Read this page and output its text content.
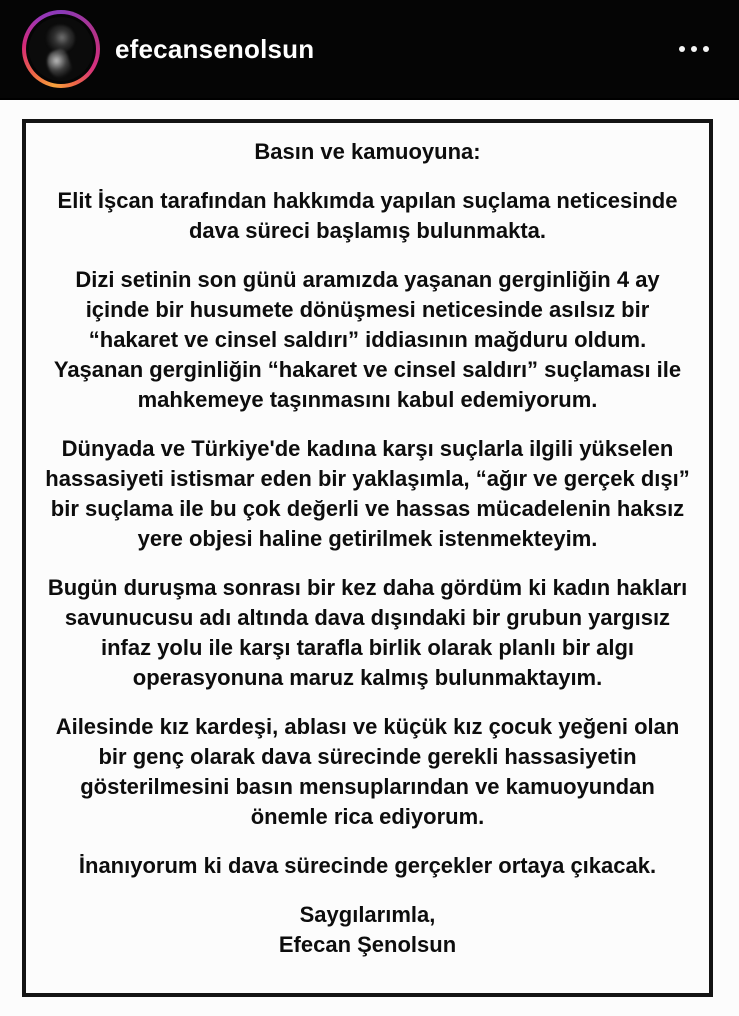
efecansenolsun
Basın ve kamuoyuna:

Elit İşcan tarafından hakkımda yapılan suçlama neticesinde dava süreci başlamış bulunmakta.

Dizi setinin son günü aramızda yaşanan gerginliğin 4 ay içinde bir husumete dönüşmesi neticesinde asılsız bir “hakaret ve cinsel saldırı” iddiasının mağduru oldum. Yaşanan gerginliğin “hakaret ve cinsel saldırı” suçlaması ile mahkemeye taşınmasını kabul edemiyorum.

Dünyada ve Türkiye'de kadına karşı suçlarla ilgili yükselen hassasiyeti istismar eden bir yaklaşımla, “ağır ve gerçek dışı” bir suçlama ile bu çok değerli ve hassas mücadelenin haksız yere objesi haline getirilmek istenmekteyim.

Bugün duruşma sonrası bir kez daha gördüm ki kadın hakları savunucusu adı altında dava dışındaki bir grubun yargısız infaz yolu ile karşı tarafla birlik olarak planlı bir algı operasyonuna maruz kalmış bulunmaktayım.

Ailesinde kız kardeşi, ablası ve küçük kız çocuk yeğeni olan bir genç olarak dava sürecinde gerekli hassasiyetin gösterilmesini basın mensuplarından ve kamuoyundan önemle rica ediyorum.

İnanıyorum ki dava sürecinde gerçekler ortaya çıkacak.

Saygılarımla,
Efecan Şenolsun
